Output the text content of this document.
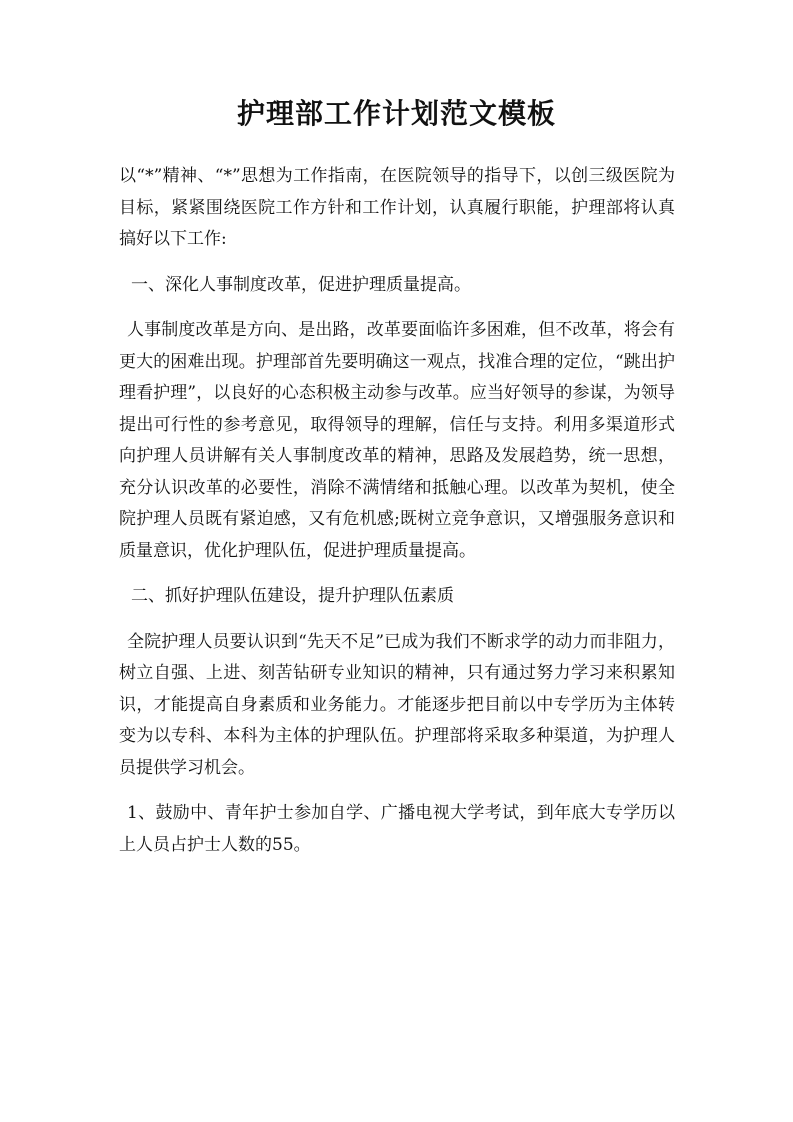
护理部工作计划范文模板

以“*”精神、“*”思想为工作指南，在医院领导的指导下，以创三级医院为目标，紧紧围绕医院工作方针和工作计划，认真履行职能，护理部将认真搞好以下工作:

一、深化人事制度改革，促进护理质量提高。

人事制度改革是方向、是出路，改革要面临许多困难，但不改革，将会有更大的困难出现。护理部首先要明确这一观点，找准合理的定位，“跳出护理看护理”，以良好的心态积极主动参与改革。应当好领导的参谋，为领导提出可行性的参考意见，取得领导的理解，信任与支持。利用多渠道形式向护理人员讲解有关人事制度改革的精神，思路及发展趋势，统一思想，充分认识改革的必要性，消除不满情绪和抵触心理。以改革为契机，使全院护理人员既有紧迫感，又有危机感;既树立竞争意识，又增强服务意识和质量意识，优化护理队伍，促进护理质量提高。

二、抓好护理队伍建设，提升护理队伍素质

全院护理人员要认识到“先天不足”已成为我们不断求学的动力而非阻力，树立自强、上进、刻苦钻研专业知识的精神，只有通过努力学习来积累知识，才能提高自身素质和业务能力。才能逐步把目前以中专学历为主体转变为以专科、本科为主体的护理队伍。护理部将采取多种渠道，为护理人员提供学习机会。

1、鼓励中、青年护士参加自学、广播电视大学考试，到年底大专学历以上人员占护士人数的55。
